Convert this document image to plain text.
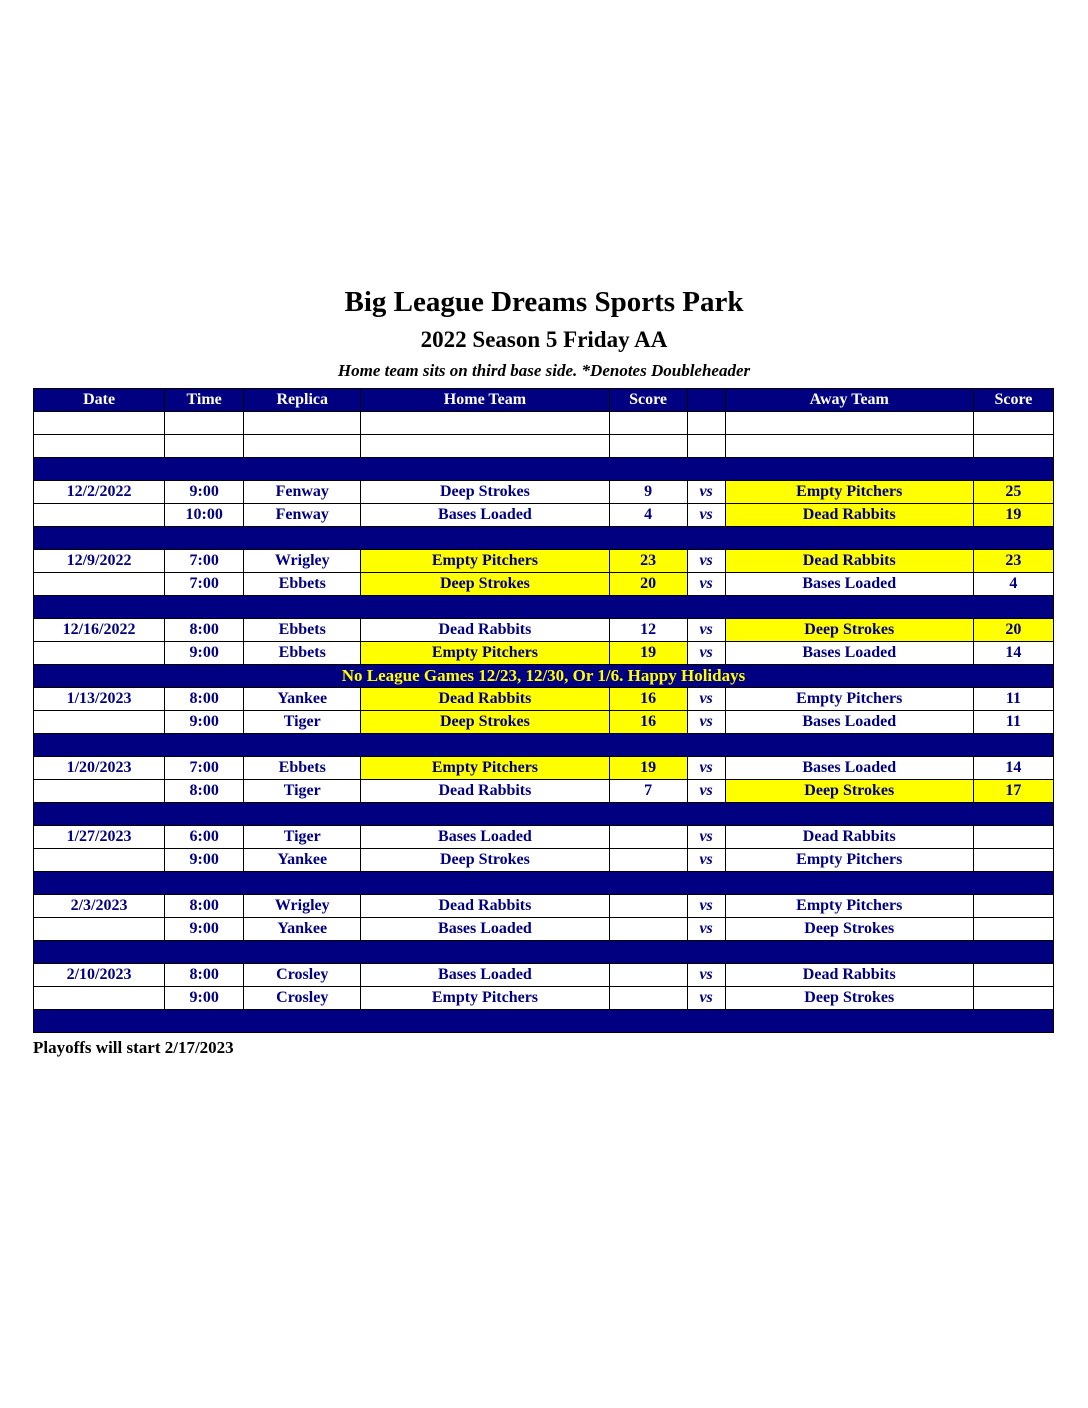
Big League Dreams Sports Park
2022 Season 5 Friday AA
Home team sits on third base side. *Denotes Doubleheader
Date	Time	Replica	Home Team	Score		Away Team	Score

12/2/2022	9:00	Fenway	Deep Strokes	9	vs	Empty Pitchers	25
	10:00	Fenway	Bases Loaded	4	vs	Dead Rabbits	19

12/9/2022	7:00	Wrigley	Empty Pitchers	23	vs	Dead Rabbits	23
	7:00	Ebbets	Deep Strokes	20	vs	Bases Loaded	4

12/16/2022	8:00	Ebbets	Dead Rabbits	12	vs	Deep Strokes	20
	9:00	Ebbets	Empty Pitchers	19	vs	Bases Loaded	14
No League Games 12/23, 12/30, Or 1/6. Happy Holidays							
1/13/2023	8:00	Yankee	Dead Rabbits	16	vs	Empty Pitchers	11
	9:00	Tiger	Deep Strokes	16	vs	Bases Loaded	11

1/20/2023	7:00	Ebbets	Empty Pitchers	19	vs	Bases Loaded	14
	8:00	Tiger	Dead Rabbits	7	vs	Deep Strokes	17

1/27/2023	6:00	Tiger	Bases Loaded		vs	Dead Rabbits	
	9:00	Yankee	Deep Strokes		vs	Empty Pitchers	

2/3/2023	8:00	Wrigley	Dead Rabbits		vs	Empty Pitchers	
	9:00	Yankee	Bases Loaded		vs	Deep Strokes	

2/10/2023	8:00	Crosley	Bases Loaded		vs	Dead Rabbits	
	9:00	Crosley	Empty Pitchers		vs	Deep Strokes	

Playoffs will start 2/17/2023
